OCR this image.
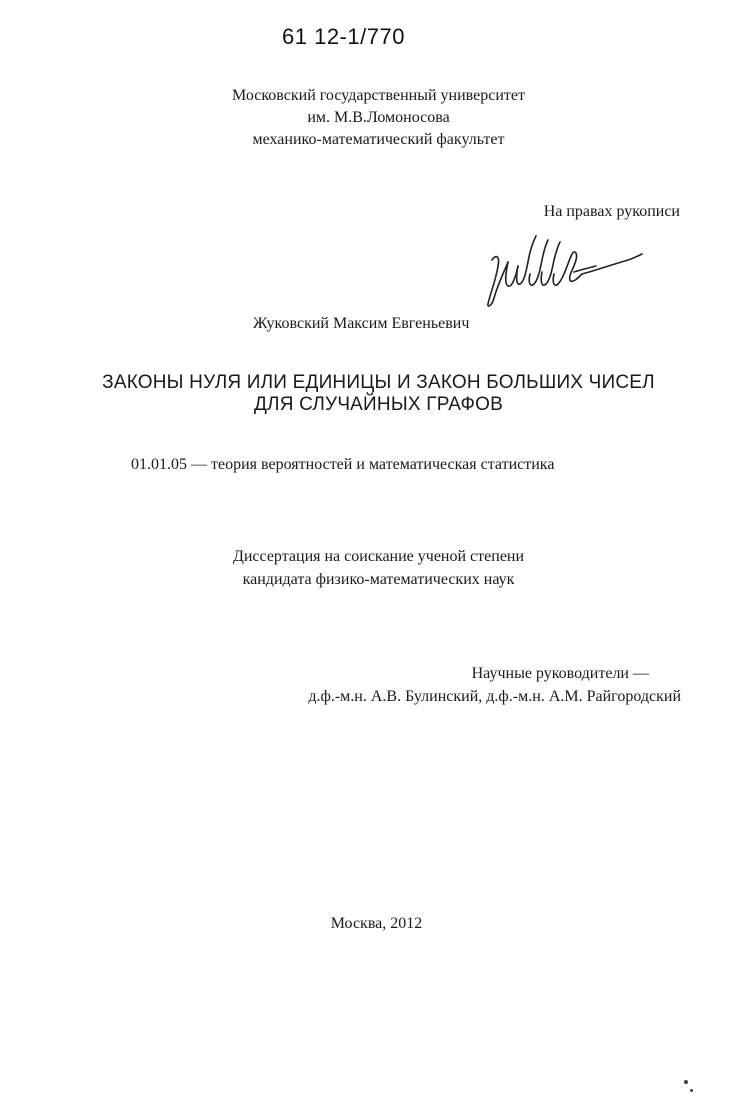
61 12-1/770
Московский государственный университет
им. М.В.Ломоносова
механико-математический факультет
На правах рукописи
Жуковский Максим Евгеньевич
ЗАКОНЫ НУЛЯ ИЛИ ЕДИНИЦЫ И ЗАКОН БОЛЬШИХ ЧИСЕЛ
ДЛЯ СЛУЧАЙНЫХ ГРАФОВ
01.01.05 — теория вероятностей и математическая статистика
Диссертация на соискание ученой степени
кандидата физико-математических наук
Научные руководители —
д.ф.-м.н. А.В. Булинский, д.ф.-м.н. А.М. Райгородский
Москва, 2012
